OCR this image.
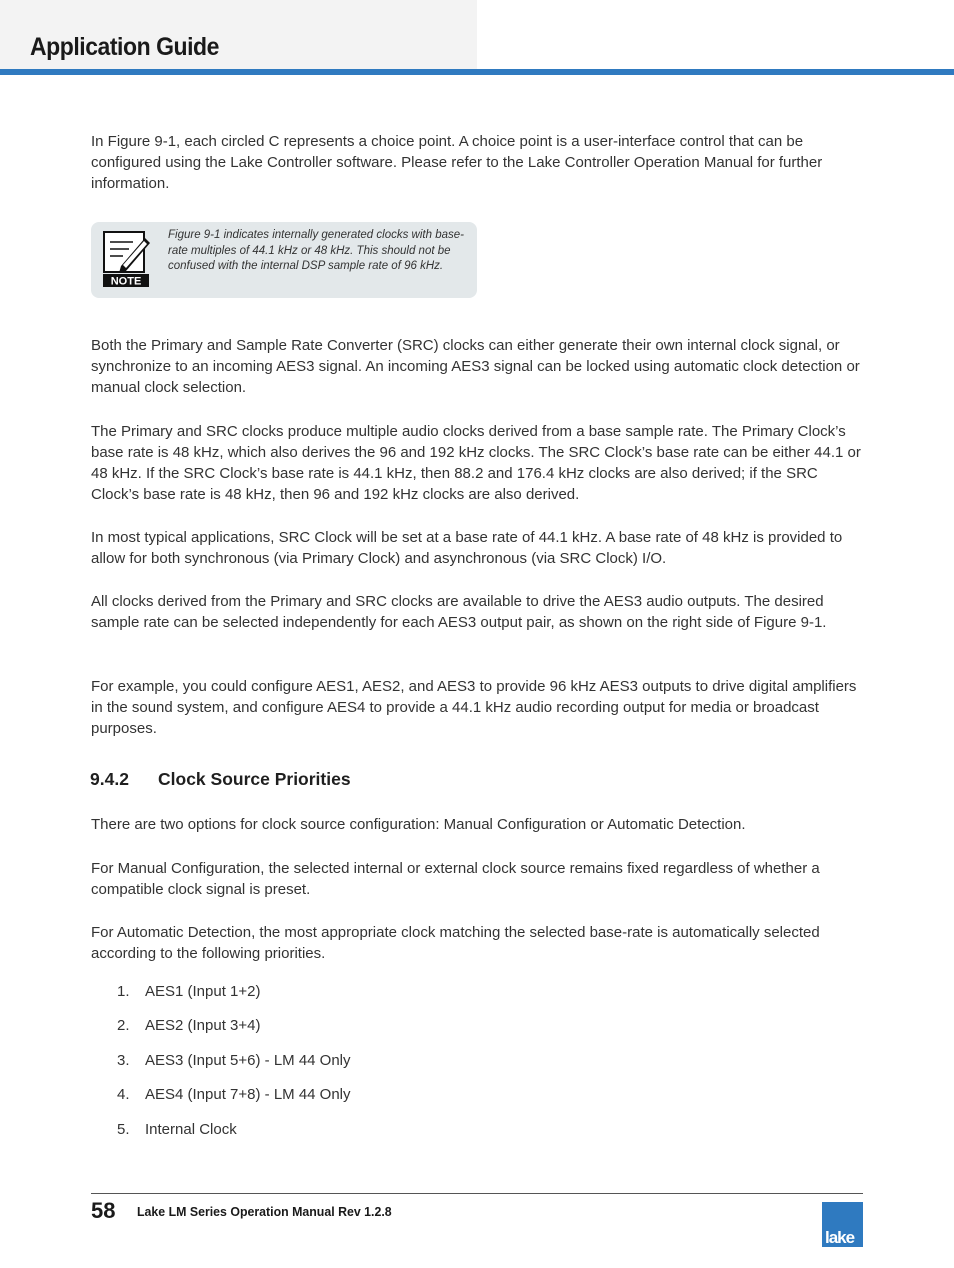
Application Guide

In Figure 9-1, each circled C represents a choice point. A choice point is a user-interface control that can be configured using the Lake Controller software. Please refer to the Lake Controller Operation Manual for further information.

NOTE

Figure 9-1 indicates internally generated clocks with base-rate multiples of 44.1 kHz or 48 kHz. This should not be confused with the internal DSP sample rate of 96 kHz.

Both the Primary and Sample Rate Converter (SRC) clocks can either generate their own internal clock signal, or synchronize to an incoming AES3 signal. An incoming AES3 signal can be locked using automatic clock detection or manual clock selection.

The Primary and SRC clocks produce multiple audio clocks derived from a base sample rate. The Primary Clock’s base rate is 48 kHz, which also derives the 96 and 192 kHz clocks. The SRC Clock’s base rate can be either 44.1 or 48 kHz. If the SRC Clock’s base rate is 44.1 kHz, then 88.2 and 176.4 kHz clocks are also derived; if the SRC Clock’s base rate is 48 kHz, then 96 and 192 kHz clocks are also derived.

In most typical applications, SRC Clock will be set at a base rate of 44.1 kHz. A base rate of 48 kHz is provided to allow for both synchronous (via Primary Clock) and asynchronous (via SRC Clock) I/O.

All clocks derived from the Primary and SRC clocks are available to drive the AES3 audio outputs. The desired sample rate can be selected independently for each AES3 output pair, as shown on the right side of Figure 9-1.

For example, you could configure AES1, AES2, and AES3 to provide 96 kHz AES3 outputs to drive digital amplifiers in the sound system, and configure AES4 to provide a 44.1 kHz audio recording output for media or broadcast purposes.

9.4.2 Clock Source Priorities

There are two options for clock source configuration: Manual Configuration or Automatic Detection.

For Manual Configuration, the selected internal or external clock source remains fixed regardless of whether a compatible clock signal is preset.

For Automatic Detection, the most appropriate clock matching the selected base-rate is automatically selected according to the following priorities.

1. AES1 (Input 1+2)
2. AES2 (Input 3+4)
3. AES3 (Input 5+6) - LM 44 Only
4. AES4 (Input 7+8) - LM 44 Only
5. Internal Clock
58 Lake LM Series Operation Manual Rev 1.2.8
lake
